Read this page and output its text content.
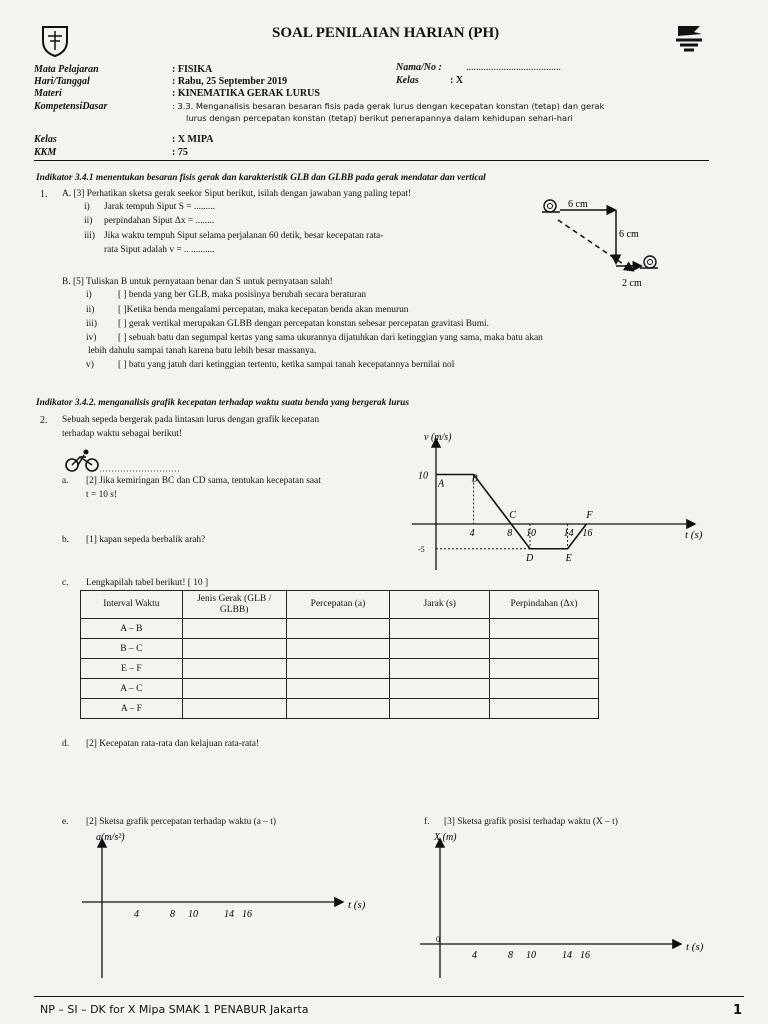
SOAL PENILAIAN HARIAN (PH)
Mata Pelajaran	: FISIKA
Hari/Tanggal	: Rabu, 25 September 2019
Materi	: KINEMATIKA GERAK LURUS
KompetensiDasar	: 3.3. Menganalisis besaran besaran fisis pada gerak lurus dengan kecepatan konstan (tetap) dan gerak
lurus dengan percepatan konstan (tetap) berikut penerapannya dalam kehidupan sehari-hari
Kelas	: X MIPA
KKM	: 75
Nama/No : ......................................
Kelas	: X
Indikator 3.4.1 menentukan besaran fisis gerak dan karakteristik GLB dan GLBB pada gerak mendatar dan vertical
1. A. [3] Perhatikan sketsa gerak seekor Siput berikut, isilah dengan jawaban yang paling tepat!
i) Jarak tempuh Siput S = .........
ii) perpindahan Siput Δx = ........
iii) Jika waktu tempuh Siput selama perjalanan 60 detik, besar kecepatan rata-
rata Siput adalah v = .. ..........
6 cm
6 cm
2 cm
B. [5] Tuliskan B untuk pernyataan benar dan S untuk pernyataan salah!
i)	[ ] benda yang ber GLB, maka posisinya berubah secara beraturan
ii)	[ ]Ketika benda mengalami percepatan, maka kecepatan benda akan menurun
iii) [ ] gerak vertikal merupakan GLBB dengan percepatan konstan sebesar percepatan gravitasi Bumi.
iv) [ ] sebuah batu dan segumpal kertas yang sama ukurannya dijatuhkan dari ketinggian yang sama, maka batu akan
lebih dahulu sampai tanah karena batu lebih besar massanya.
v)	[ ] batu yang jatuh dari ketinggian tertentu, ketika sampai tanah kecepatannya bernilai nol
Indikator 3.4.2. menganalisis grafik kecepatan terhadap waktu suatu benda yang bergerak lurus
2. Sebuah sepeda bergerak pada lintasan lurus dengan grafik kecepatan
terhadap waktu sebagai berikut!
a. [2] Jika kemiringan BC dan CD sama, tentukan kecepatan saat
t = 10 s!
b. [1] kapan sepeda berbalik arah?
c. Lengkapilah tabel berikut! [ 10 ]
v (m/s)
t (s)
A	B
C
D	E
F
4	8 10	14 16
10
-5
Interval Waktu	Jenis Gerak (GLB / GLBB)	Percepatan (a)	Jarak (s)	Perpindahan (Δx)
A – B				
B – C				
E – F				
A – C				
A – F				
d. [2] Kecepatan rata-rata dan kelajuan rata-rata!
e. [2] Sketsa grafik percepatan terhadap waktu (a – t)	f. [3] Sketsa grafik posisi terhadap waktu (X – t)
a(m/s²)
t (s)
4	8 10	14 16
X (m)
t (s)
4	8 10	14 16
0
NP – SI – DK for X Mipa SMAK 1 PENABUR Jakarta	1
